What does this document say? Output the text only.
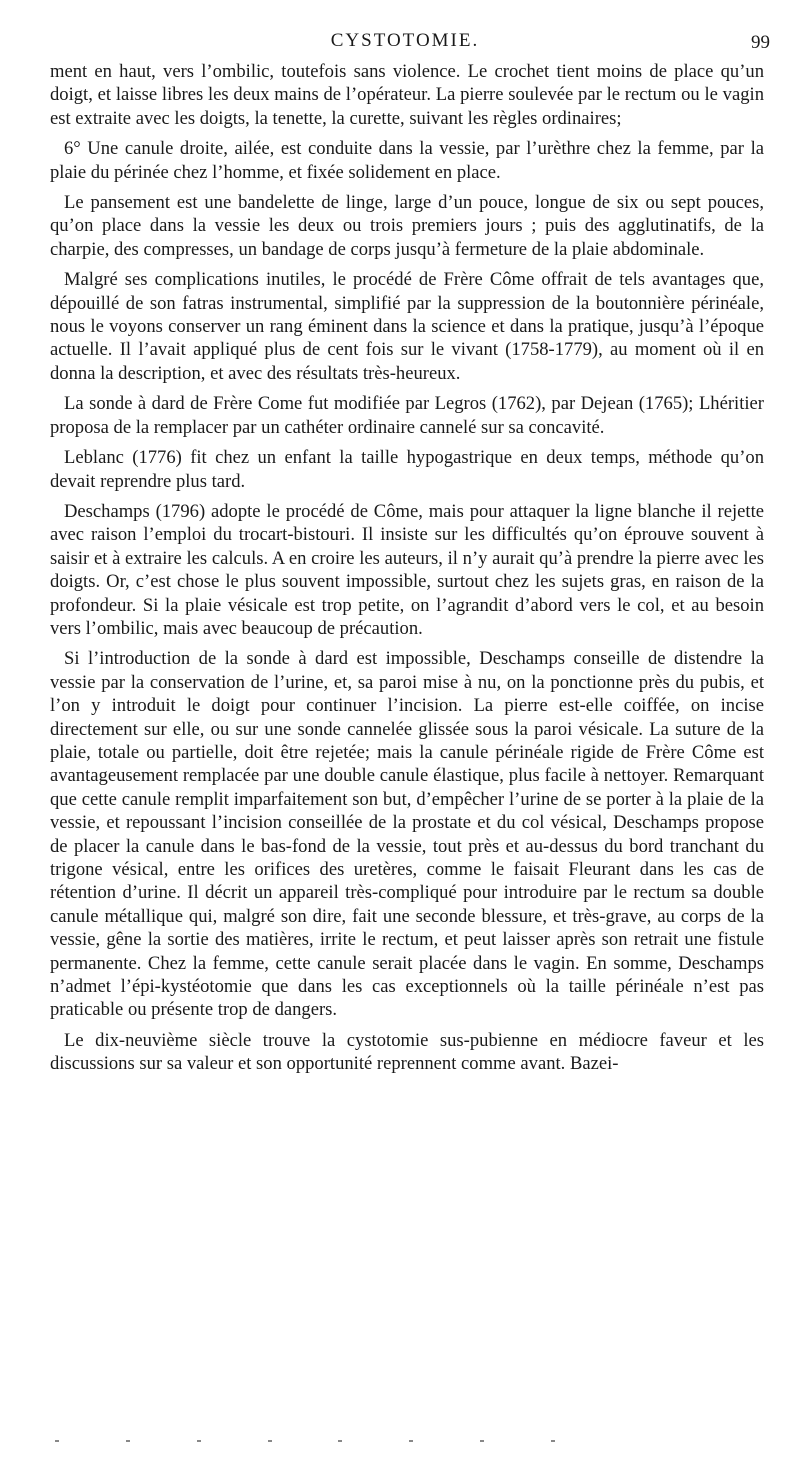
CYSTOTOMIE.	99

ment en haut, vers l’ombilic, toutefois sans violence. Le crochet tient moins de place qu’un doigt, et laisse libres les deux mains de l’opérateur. La pierre soulevée par le rectum ou le vagin est extraite avec les doigts, la tenette, la curette, suivant les règles ordinaires;

6° Une canule droite, ailée, est conduite dans la vessie, par l’urèthre chez la femme, par la plaie du périnée chez l’homme, et fixée solidement en place.

Le pansement est une bandelette de linge, large d’un pouce, longue de six ou sept pouces, qu’on place dans la vessie les deux ou trois premiers jours ; puis des agglutinatifs, de la charpie, des compresses, un bandage de corps jusqu’à fermeture de la plaie abdominale.

Malgré ses complications inutiles, le procédé de Frère Côme offrait de tels avantages que, dépouillé de son fatras instrumental, simplifié par la suppression de la boutonnière périnéale, nous le voyons conserver un rang éminent dans la science et dans la pratique, jusqu’à l’époque actuelle. Il l’avait appliqué plus de cent fois sur le vivant (1758-1779), au moment où il en donna la description, et avec des résultats très-heureux.

La sonde à dard de Frère Come fut modifiée par Legros (1762), par Dejean (1765); Lhéritier proposa de la remplacer par un cathéter ordinaire cannelé sur sa concavité.

Leblanc (1776) fit chez un enfant la taille hypogastrique en deux temps, méthode qu’on devait reprendre plus tard.

Deschamps (1796) adopte le procédé de Côme, mais pour attaquer la ligne blanche il rejette avec raison l’emploi du trocart-bistouri. Il insiste sur les difficultés qu’on éprouve souvent à saisir et à extraire les calculs. A en croire les auteurs, il n’y aurait qu’à prendre la pierre avec les doigts. Or, c’est chose le plus souvent impossible, surtout chez les sujets gras, en raison de la profondeur. Si la plaie vésicale est trop petite, on l’agrandit d’abord vers le col, et au besoin vers l’ombilic, mais avec beaucoup de précaution.

Si l’introduction de la sonde à dard est impossible, Deschamps conseille de distendre la vessie par la conservation de l’urine, et, sa paroi mise à nu, on la ponctionne près du pubis, et l’on y introduit le doigt pour continuer l’incision. La pierre est-elle coiffée, on incise directement sur elle, ou sur une sonde cannelée glissée sous la paroi vésicale. La suture de la plaie, totale ou partielle, doit être rejetée; mais la canule périnéale rigide de Frère Côme est avantageusement remplacée par une double canule élastique, plus facile à nettoyer. Remarquant que cette canule remplit imparfaitement son but, d’empêcher l’urine de se porter à la plaie de la vessie, et repoussant l’incision conseillée de la prostate et du col vésical, Deschamps propose de placer la canule dans le bas-fond de la vessie, tout près et au-dessus du bord tranchant du trigone vésical, entre les orifices des uretères, comme le faisait Fleurant dans les cas de rétention d’urine. Il décrit un appareil très-compliqué pour introduire par le rectum sa double canule métallique qui, malgré son dire, fait une seconde blessure, et très-grave, au corps de la vessie, gêne la sortie des matières, irrite le rectum, et peut laisser après son retrait une fistule permanente. Chez la femme, cette canule serait placée dans le vagin. En somme, Deschamps n’admet l’épi-kystéotomie que dans les cas exceptionnels où la taille périnéale n’est pas praticable ou présente trop de dangers.

Le dix-neuvième siècle trouve la cystotomie sus-pubienne en médiocre faveur et les discussions sur sa valeur et son opportunité reprennent comme avant. Bazei-
